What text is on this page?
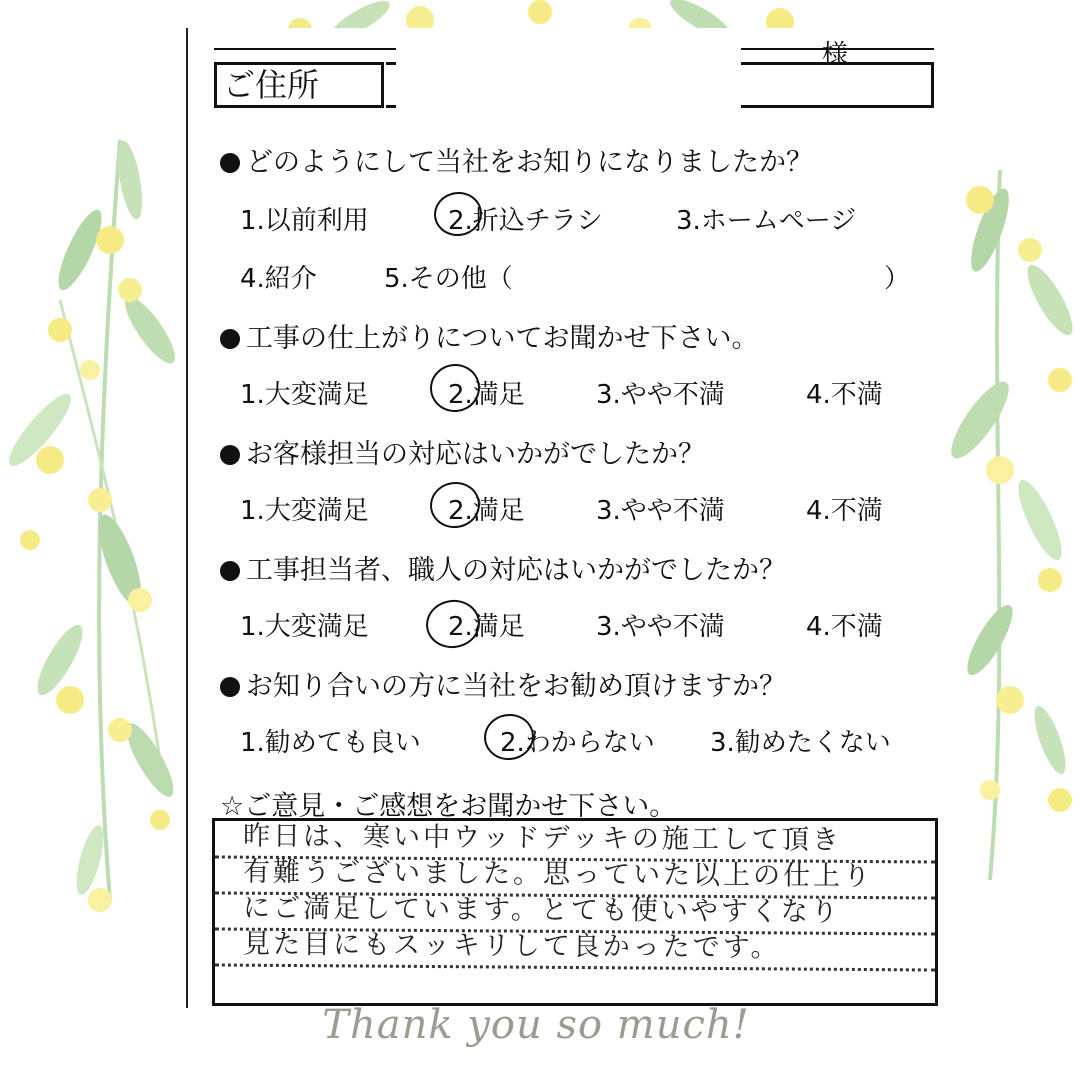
様
ご住所
どのようにして当社をお知りになりましたか？
1.以前利用	2.折込チラシ	3.ホームページ
4.紹介	5.その他（	）
工事の仕上がりについてお聞かせ下さい。
1.大変満足	2.満足	3.やや不満	4.不満
お客様担当の対応はいかがでしたか？
1.大変満足	2.満足	3.やや不満	4.不満
工事担当者、職人の対応はいかがでしたか？
1.大変満足	2.満足	3.やや不満	4.不満
お知り合いの方に当社をお勧め頂けますか？
1.勧めても良い	2.わからない 3.勧めたくない
☆ご意見・ご感想をお聞かせ下さい。
昨日は、寒い中ウッドデッキの施工して頂き
有難うございました。思っていた以上の仕上り
にご満足しています。とても使いやすくなり
見た目にもスッキリして良かったです。
Thank you so much!
